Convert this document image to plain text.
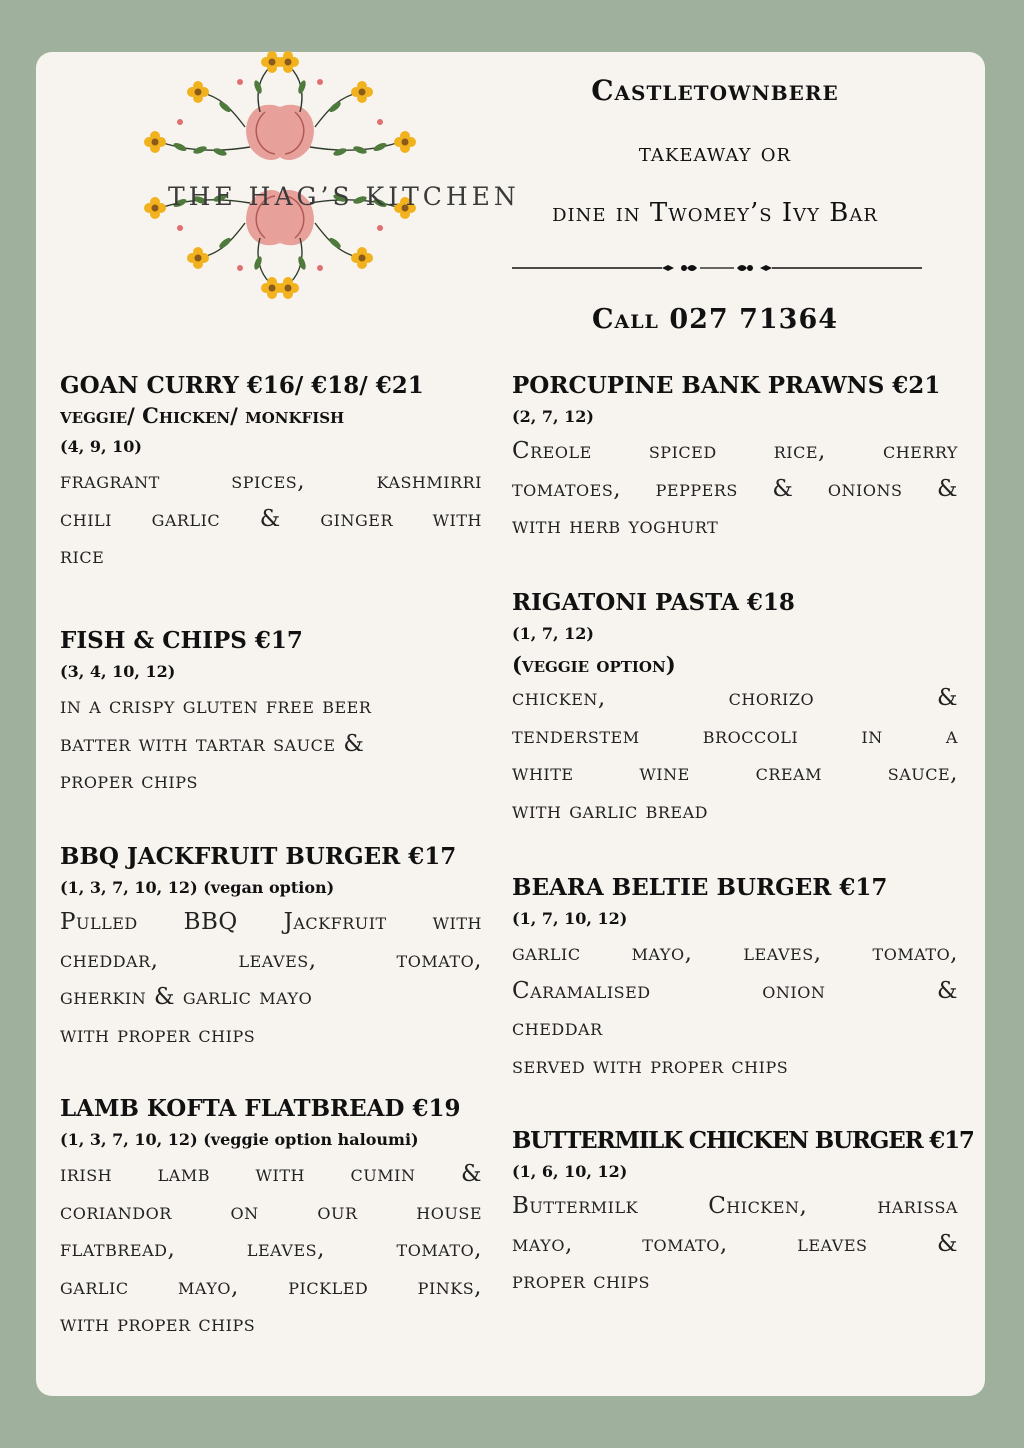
THE HAG’S KITCHEN
Castletownbere
takeaway or
dine in Twomey’s Ivy Bar
Call 027 71364
GOAN CURRY €16/ €18/ €21
veggie/ Chicken/ monkfish
(4, 9, 10)
fragrant spices, kashmirri
chili garlic & ginger with
rice
FISH & CHIPS €17
(3, 4, 10, 12)
in a crispy gluten free beer
batter with tartar sauce &
proper chips
BBQ JACKFRUIT BURGER €17
(1, 3, 7, 10, 12) (vegan option)
Pulled BBQ Jackfruit with
cheddar, leaves, tomato,
gherkin & garlic mayo
with proper chips
LAMB KOFTA FLATBREAD €19
(1, 3, 7, 10, 12) (veggie option haloumi)
irish lamb with cumin &
coriandor on our house
flatbread, leaves, tomato,
garlic mayo, pickled pinks,
with proper chips
PORCUPINE BANK PRAWNS €21
(2, 7, 12)
Creole spiced rice, cherry
tomatoes, peppers & onions &
with herb yoghurt
RIGATONI PASTA €18
(1, 7, 12)
(veggie option)
chicken, chorizo &
tenderstem broccoli in a
white wine cream sauce,
with garlic bread
BEARA BELTIE BURGER €17
(1, 7, 10, 12)
garlic mayo, leaves, tomato,
Caramalised onion &
cheddar
served with proper chips
BUTTERMILK CHICKEN BURGER €17
(1, 6, 10, 12)
Buttermilk Chicken, harissa
mayo, tomato, leaves &
proper chips
